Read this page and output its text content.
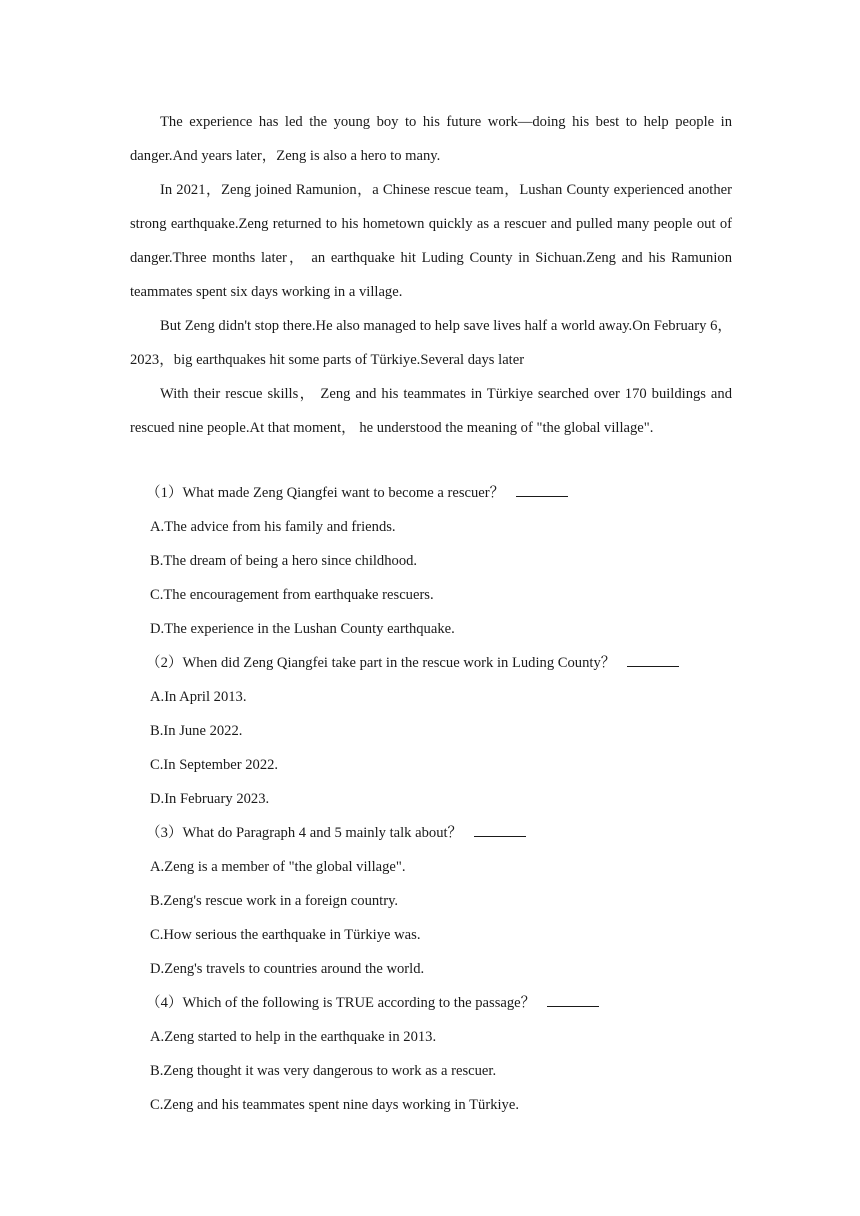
The experience has led the young boy to his future work—doing his best to help people in danger.And years later，Zeng is also a hero to many.

In 2021，Zeng joined Ramunion，a Chinese rescue team，Lushan County experienced another strong earthquake.Zeng returned to his hometown quickly as a rescuer and pulled many people out of danger.Three months later， an earthquake hit Luding County in Sichuan.Zeng and his Ramunion teammates spent six days working in a village.

But Zeng didn't stop there.He also managed to help save lives half a world away.On February 6，2023，big earthquakes hit some parts of Türkiye.Several days later

With their rescue skills， Zeng and his teammates in Türkiye searched over 170 buildings and rescued nine people.At that moment， he understood the meaning of "the global village".

（1）What made Zeng Qiangfei want to become a rescuer？

A.The advice from his family and friends.

B.The dream of being a hero since childhood.

C.The encouragement from earthquake rescuers.

D.The experience in the Lushan County earthquake.

（2）When did Zeng Qiangfei take part in the rescue work in Luding County？

A.In April 2013.

B.In June 2022.

C.In September 2022.

D.In February 2023.

（3）What do Paragraph 4 and 5 mainly talk about？

A.Zeng is a member of "the global village".

B.Zeng's rescue work in a foreign country.

C.How serious the earthquake in Türkiye was.

D.Zeng's travels to countries around the world.

（4）Which of the following is TRUE according to the passage？

A.Zeng started to help in the earthquake in 2013.

B.Zeng thought it was very dangerous to work as a rescuer.

C.Zeng and his teammates spent nine days working in Türkiye.
